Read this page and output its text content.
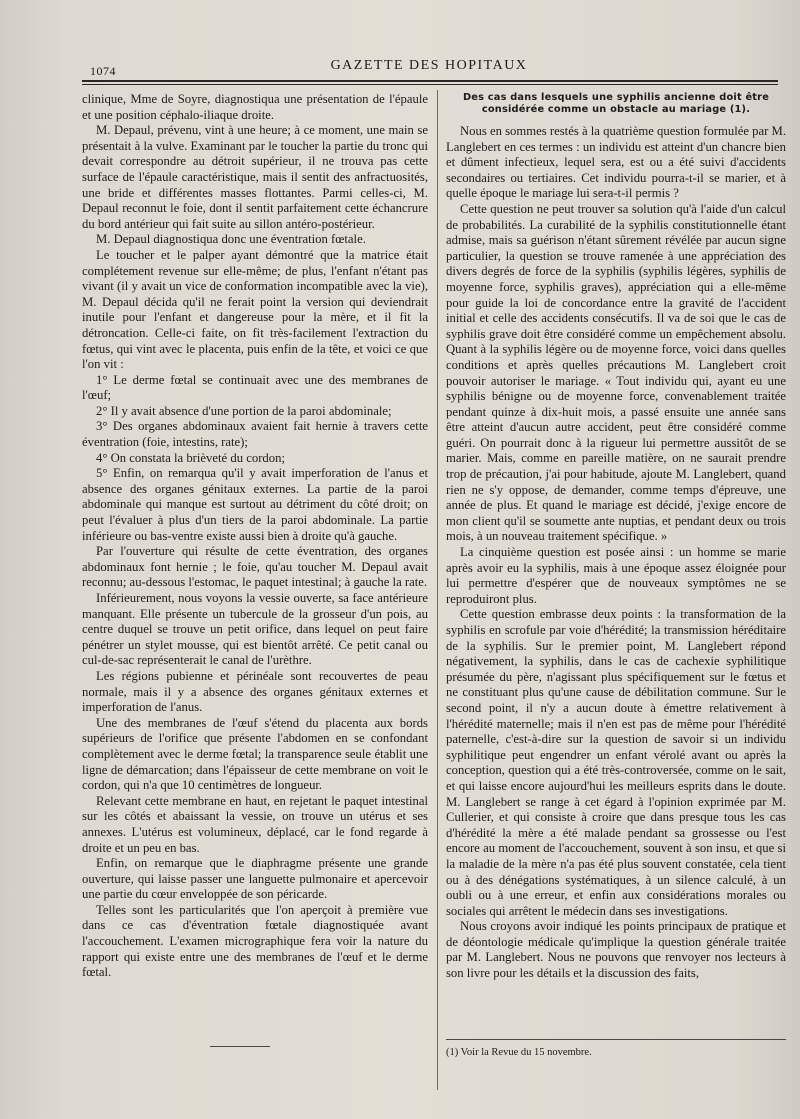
1074	GAZETTE DES HOPITAUX

clinique, Mme de Soyre, diagnostiqua une présentation de l'épaule et une position céphalo-iliaque droite.

M. Depaul, prévenu, vint à une heure; à ce moment, une main se présentait à la vulve. Examinant par le toucher la partie du tronc qui devait correspondre au détroit supérieur, il ne trouva pas cette surface de l'épaule caractéristique, mais il sentit des anfractuosités, une bride et différentes masses flottantes. Parmi celles-ci, M. Depaul reconnut le foie, dont il sentit parfaitement cette échancrure du bord antérieur qui fait suite au sillon antéro-postérieur.

M. Depaul diagnostiqua donc une éventration fœtale.

Le toucher et le palper ayant démontré que la matrice était complétement revenue sur elle-même; de plus, l'enfant n'étant pas vivant (il y avait un vice de conformation incompatible avec la vie), M. Depaul décida qu'il ne ferait point la version qui deviendrait inutile pour l'enfant et dangereuse pour la mère, et il fit la détroncation. Celle-ci faite, on fit très-facilement l'extraction du fœtus, qui vint avec le placenta, puis enfin de la tête, et voici ce que l'on vit :

1° Le derme fœtal se continuait avec une des membranes de l'œuf;

2° Il y avait absence d'une portion de la paroi abdominale;

3° Des organes abdominaux avaient fait hernie à travers cette éventration (foie, intestins, rate);

4° On constata la brièveté du cordon;

5° Enfin, on remarqua qu'il y avait imperforation de l'anus et absence des organes génitaux externes. La partie de la paroi abdominale qui manque est surtout au détriment du côté droit; on peut l'évaluer à plus d'un tiers de la paroi abdominale. La partie inférieure ou bas-ventre existe aussi bien à droite qu'à gauche.

Par l'ouverture qui résulte de cette éventration, des organes abdominaux font hernie ; le foie, qu'au toucher M. Depaul avait reconnu; au-dessous l'estomac, le paquet intestinal; à gauche la rate.

Inférieurement, nous voyons la vessie ouverte, sa face antérieure manquant. Elle présente un tubercule de la grosseur d'un pois, au centre duquel se trouve un petit orifice, dans lequel on peut faire pénétrer un stylet mousse, qui est bientôt arrêté. Ce petit canal ou cul-de-sac représenterait le canal de l'urèthre.

Les régions pubienne et périnéale sont recouvertes de peau normale, mais il y a absence des organes génitaux externes et imperforation de l'anus.

Une des membranes de l'œuf s'étend du placenta aux bords supérieurs de l'orifice que présente l'abdomen en se confondant complètement avec le derme fœtal; la transparence seule établit une ligne de démarcation; dans l'épaisseur de cette membrane on voit le cordon, qui n'a que 10 centimètres de longueur.

Relevant cette membrane en haut, en rejetant le paquet intestinal sur les côtés et abaissant la vessie, on trouve un utérus et ses annexes. L'utérus est volumineux, déplacé, car le fond regarde à droite et un peu en bas.

Enfin, on remarque que le diaphragme présente une grande ouverture, qui laisse passer une languette pulmonaire et apercevoir une partie du cœur enveloppée de son péricarde.

Telles sont les particularités que l'on aperçoit à première vue dans ce cas d'éventration fœtale diagnostiquée avant l'accouchement. L'examen micrographique fera voir la nature du rapport qui existe entre une des membranes de l'œuf et le derme fœtal.

Des cas dans lesquels une syphilis ancienne doit être considérée comme un obstacle au mariage (1).

Nous en sommes restés à la quatrième question formulée par M. Langlebert en ces termes : un individu est atteint d'un chancre bien et dûment infectieux, lequel sera, est ou a été suivi d'accidents secondaires ou tertiaires. Cet individu pourra-t-il se marier, et à quelle époque le mariage lui sera-t-il permis ?

Cette question ne peut trouver sa solution qu'à l'aide d'un calcul de probabilités. La curabilité de la syphilis constitutionnelle étant admise, mais sa guérison n'étant sûrement révélée par aucun signe particulier, la question se trouve ramenée à une appréciation des divers degrés de force de la syphilis (syphilis légères, syphilis de moyenne force, syphilis graves), appréciation qui a elle-même pour guide la loi de concordance entre la gravité de l'accident initial et celle des accidents consécutifs. Il va de soi que le cas de syphilis grave doit être considéré comme un empêchement absolu. Quant à la syphilis légère ou de moyenne force, voici dans quelles conditions et après quelles précautions M. Langlebert croit pouvoir autoriser le mariage. « Tout individu qui, ayant eu une syphilis bénigne ou de moyenne force, convenablement traitée pendant quinze à dix-huit mois, a passé ensuite une année sans être atteint d'aucun autre accident, peut être considéré comme guéri. On pourrait donc à la rigueur lui permettre aussitôt de se marier. Mais, comme en pareille matière, on ne saurait prendre trop de précaution, j'ai pour habitude, ajoute M. Langlebert, quand rien ne s'y oppose, de demander, comme temps d'épreuve, une année de plus. Et quand le mariage est décidé, j'exige encore de mon client qu'il se soumette ante nuptias, et pendant deux ou trois mois, à un nouveau traitement spécifique. »

La cinquième question est posée ainsi : un homme se marie après avoir eu la syphilis, mais à une époque assez éloignée pour lui permettre d'espérer que de nouveaux symptômes ne se reproduiront plus.

Cette question embrasse deux points : la transformation de la syphilis en scrofule par voie d'hérédité; la transmission héréditaire de la syphilis. Sur le premier point, M. Langlebert répond négativement, la syphilis, dans le cas de cachexie syphilitique présumée du père, n'agissant plus spécifiquement sur le fœtus et ne constituant plus qu'une cause de débilitation commune. Sur le second point, il n'y a aucun doute à émettre relativement à l'hérédité maternelle; mais il n'en est pas de même pour l'hérédité paternelle, c'est-à-dire sur la question de savoir si un individu syphilitique peut engendrer un enfant vérolé avant ou après la conception, question qui a été très-controversée, comme on le sait, et qui laisse encore aujourd'hui les meilleurs esprits dans le doute. M. Langlebert se range à cet égard à l'opinion exprimée par M. Cullerier, et qui consiste à croire que dans presque tous les cas d'hérédité la mère a été malade pendant sa grossesse ou l'est encore au moment de l'accouchement, souvent à son insu, et que si la maladie de la mère n'a pas été plus souvent constatée, cela tient ou à des dénégations systématiques, à un silence calculé, à un oubli ou à une erreur, et enfin aux considérations morales ou sociales qui arrêtent le médecin dans ses investigations.

Nous croyons avoir indiqué les points principaux de pratique et de déontologie médicale qu'implique la question générale traitée par M. Langlebert. Nous ne pouvons que renvoyer nos lecteurs à son livre pour les détails et la discussion des faits,

(1) Voir la Revue du 15 novembre.
